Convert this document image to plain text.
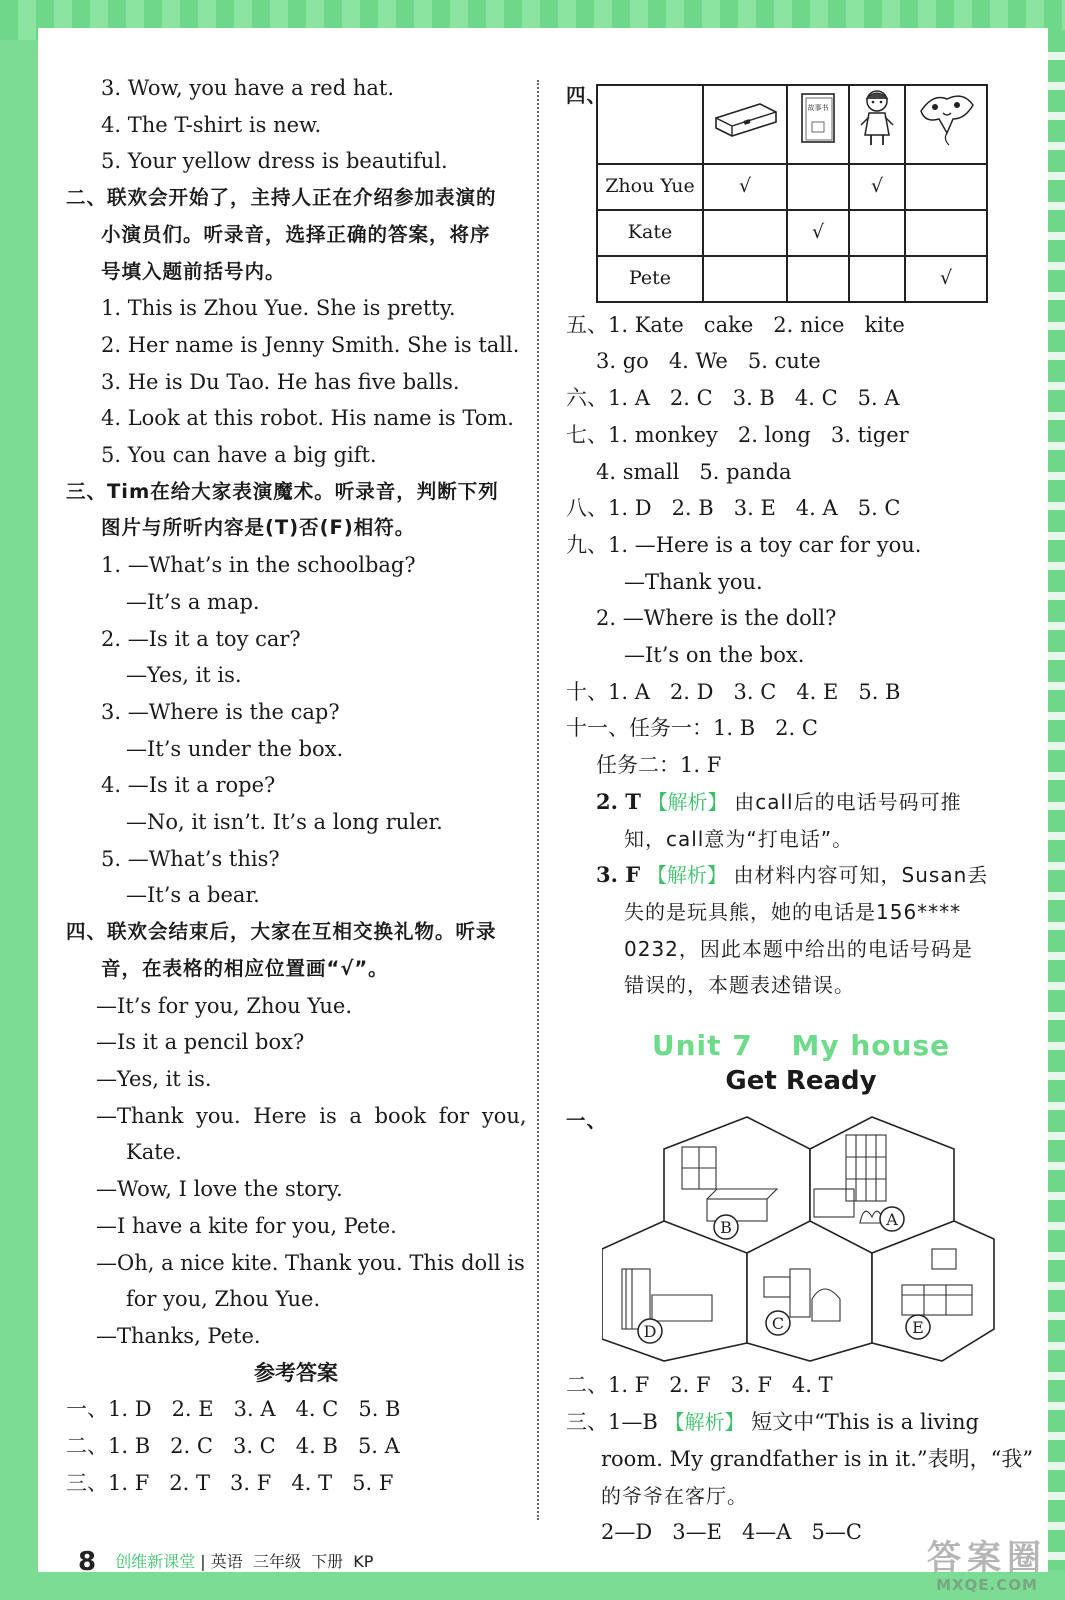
3. Wow, you have a red hat.
4. The T-shirt is new.
5. Your yellow dress is beautiful.
二、联欢会开始了，主持人正在介绍参加表演的
小演员们。听录音，选择正确的答案，将序
号填入题前括号内。
1. This is Zhou Yue. She is pretty.
2. Her name is Jenny Smith. She is tall.
3. He is Du Tao. He has five balls.
4. Look at this robot. His name is Tom.
5. You can have a big gift.
三、Tim在给大家表演魔术。听录音，判断下列
图片与所听内容是(T)否(F)相符。
1. —What’s in the schoolbag?
—It’s a map.
2. —Is it a toy car?
—Yes, it is.
3. —Where is the cap?
—It’s under the box.
4. —Is it a rope?
—No, it isn’t. It’s a long ruler.
5. —What’s this?
—It’s a bear.
四、联欢会结束后，大家在互相交换礼物。听录
音，在表格的相应位置画“√”。
—It’s for you, Zhou Yue.
—Is it a pencil box?
—Yes, it is.
—Thank you. Here is a book for you,
Kate.
—Wow, I love the story.
—I have a kite for you, Pete.
—Oh, a nice kite. Thank you. This doll is
for you, Zhou Yue.
—Thanks, Pete.
参考答案
一、1. D   2. E   3. A   4. C   5. B
二、1. B   2. C   3. C   4. B   5. A
三、1. F   2. T   3. F   4. T   5. F
四、

故事书

Zhou Yue	√		√	
Kate		√		
Pete				√
五、1. Kate   cake   2. nice   kite
3. go   4. We   5. cute
六、1. A   2. C   3. B   4. C   5. A
七、1. monkey   2. long   3. tiger
4. small   5. panda
八、1. D   2. B   3. E   4. A   5. C
九、1. —Here is a toy car for you.
—Thank you.
2. —Where is the doll?
—It’s on the box.
十、1. A   2. D   3. C   4. E   5. B
十一、任务一：1. B   2. C
任务二：1. F
2. T 【解析】 由call后的电话号码可推
知，call意为“打电话”。
3. F 【解析】 由材料内容可知，Susan丢
失的是玩具熊，她的电话是156****
0232，因此本题中给出的电话号码是
错误的，本题表述错误。
Unit 7 My house
Get Ready
一、
B	A
C
D	E
二、1. F   2. F   3. F   4. T
三、1—B 【解析】 短文中“This is a living
room. My grandfather is in it.”表明，“我”
的爷爷在客厅。
2—D   3—E   4—A   5—C
8 创维新课堂 | 英语  三年级  下册  KP	答案圈
MXQE.COM
